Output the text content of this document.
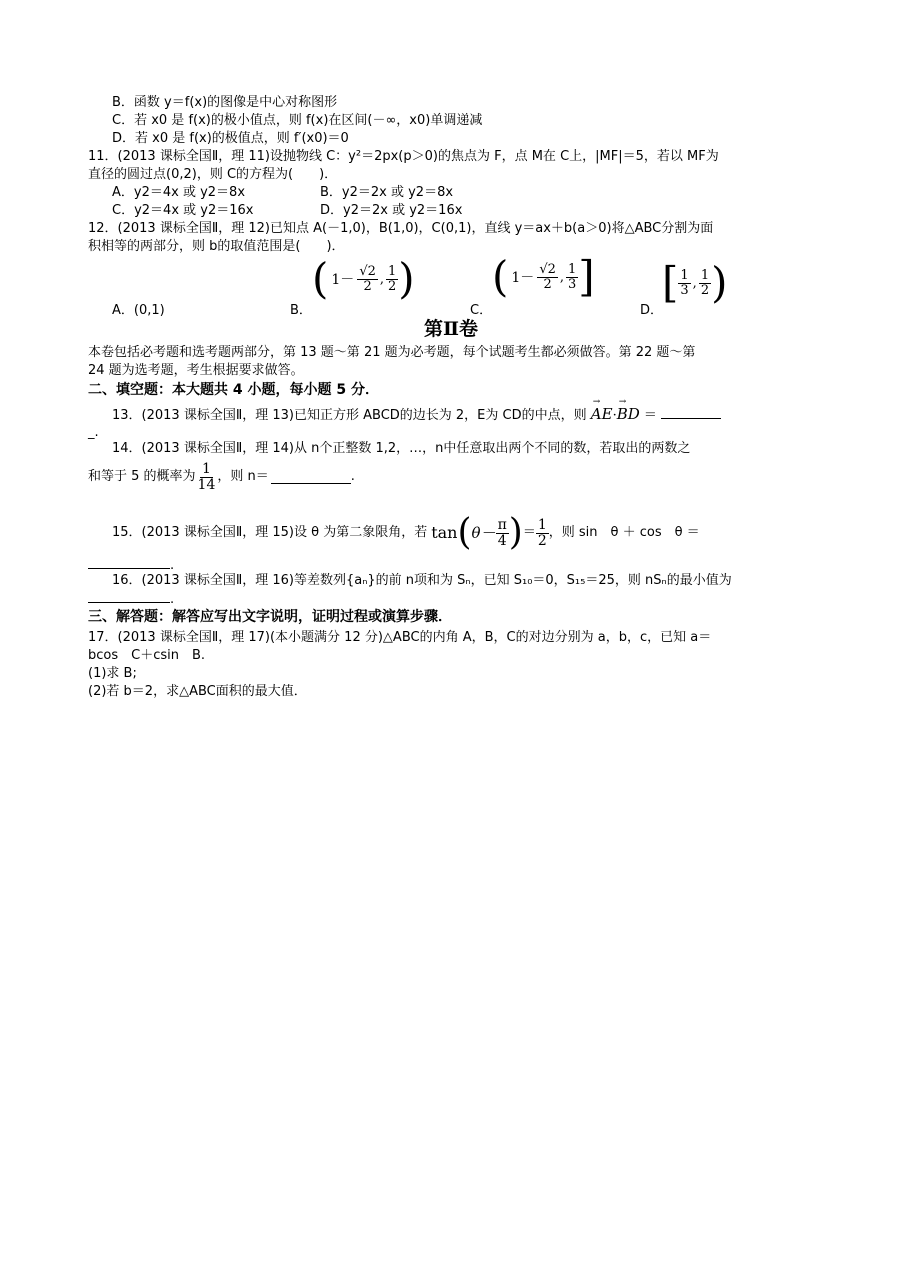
B．函数 y＝f(x)的图像是中心对称图形
C．若 x0 是 f(x)的极小值点，则 f(x)在区间(－∞，x0)单调递减
D．若 x0 是 f(x)的极值点，则 f′(x0)＝0
11．(2013 课标全国Ⅱ，理 11)设抛物线 C：y²＝2px(p＞0)的焦点为 F，点 M在 C上，|MF|＝5，若以 MF为
直径的圆过点(0,2)，则 C的方程为(　　)．
A．y2＝4x 或 y2＝8x	B．y2＝2x 或 y2＝8x
C．y2＝4x 或 y2＝16x	D．y2＝2x 或 y2＝16x
12．(2013 课标全国Ⅱ，理 12)已知点 A(－1,0)，B(1,0)，C(0,1)，直线 y＝ax＋b(a＞0)将△ABC分割为面
积相等的两部分，则 b的取值范围是(　　)．
A．(0,1)	B．	C．	D．
( $1- \frac{√2}{2}$ , $\frac{1}{2}$ ) ( $1- \frac{√2}{2}$ , $\frac{1}{3}$ ] [ $\frac{1}{3}$ , $\frac{1}{2}$ )
第Ⅱ卷
本卷包括必考题和选考题两部分，第 13 题～第 21 题为必考题，每个试题考生都必须做答。第 22 题～第
24 题为选考题，考生根据要求做答。
二、填空题：本大题共 4 小题，每小题 5 分．
13．(2013 课标全国Ⅱ，理 13)已知正方形 ABCD的边长为 2，E为 CD的中点，则 → AE·→ BD ＝
_.
14．(2013 课标全国Ⅱ，理 14)从 n个正整数 1,2，…，n中任意取出两个不同的数，若取出的两数之
和等于 5 的概率为 $\frac{1}{14}$ ，则 n＝	.
15．(2013 课标全国Ⅱ，理 15)设 θ 为第二象限角，若 tan ( $\theta- \frac{\pi}{4}$ ) ＝ $\frac{1}{2}$ ，则 sin　θ ＋ cos　θ ＝
.
16．(2013 课标全国Ⅱ，理 16)等差数列{aₙ}的前 n项和为 Sₙ，已知 S₁₀＝0，S₁₅＝25，则 nSₙ的最小值为
.
三、解答题：解答应写出文字说明，证明过程或演算步骤．
17．(2013 课标全国Ⅱ，理 17)(本小题满分 12 分)△ABC的内角 A，B，C的对边分别为 a，b，c，已知 a＝
bcos　C＋csin　B.
(1)求 B;
(2)若 b＝2，求△ABC面积的最大值．
